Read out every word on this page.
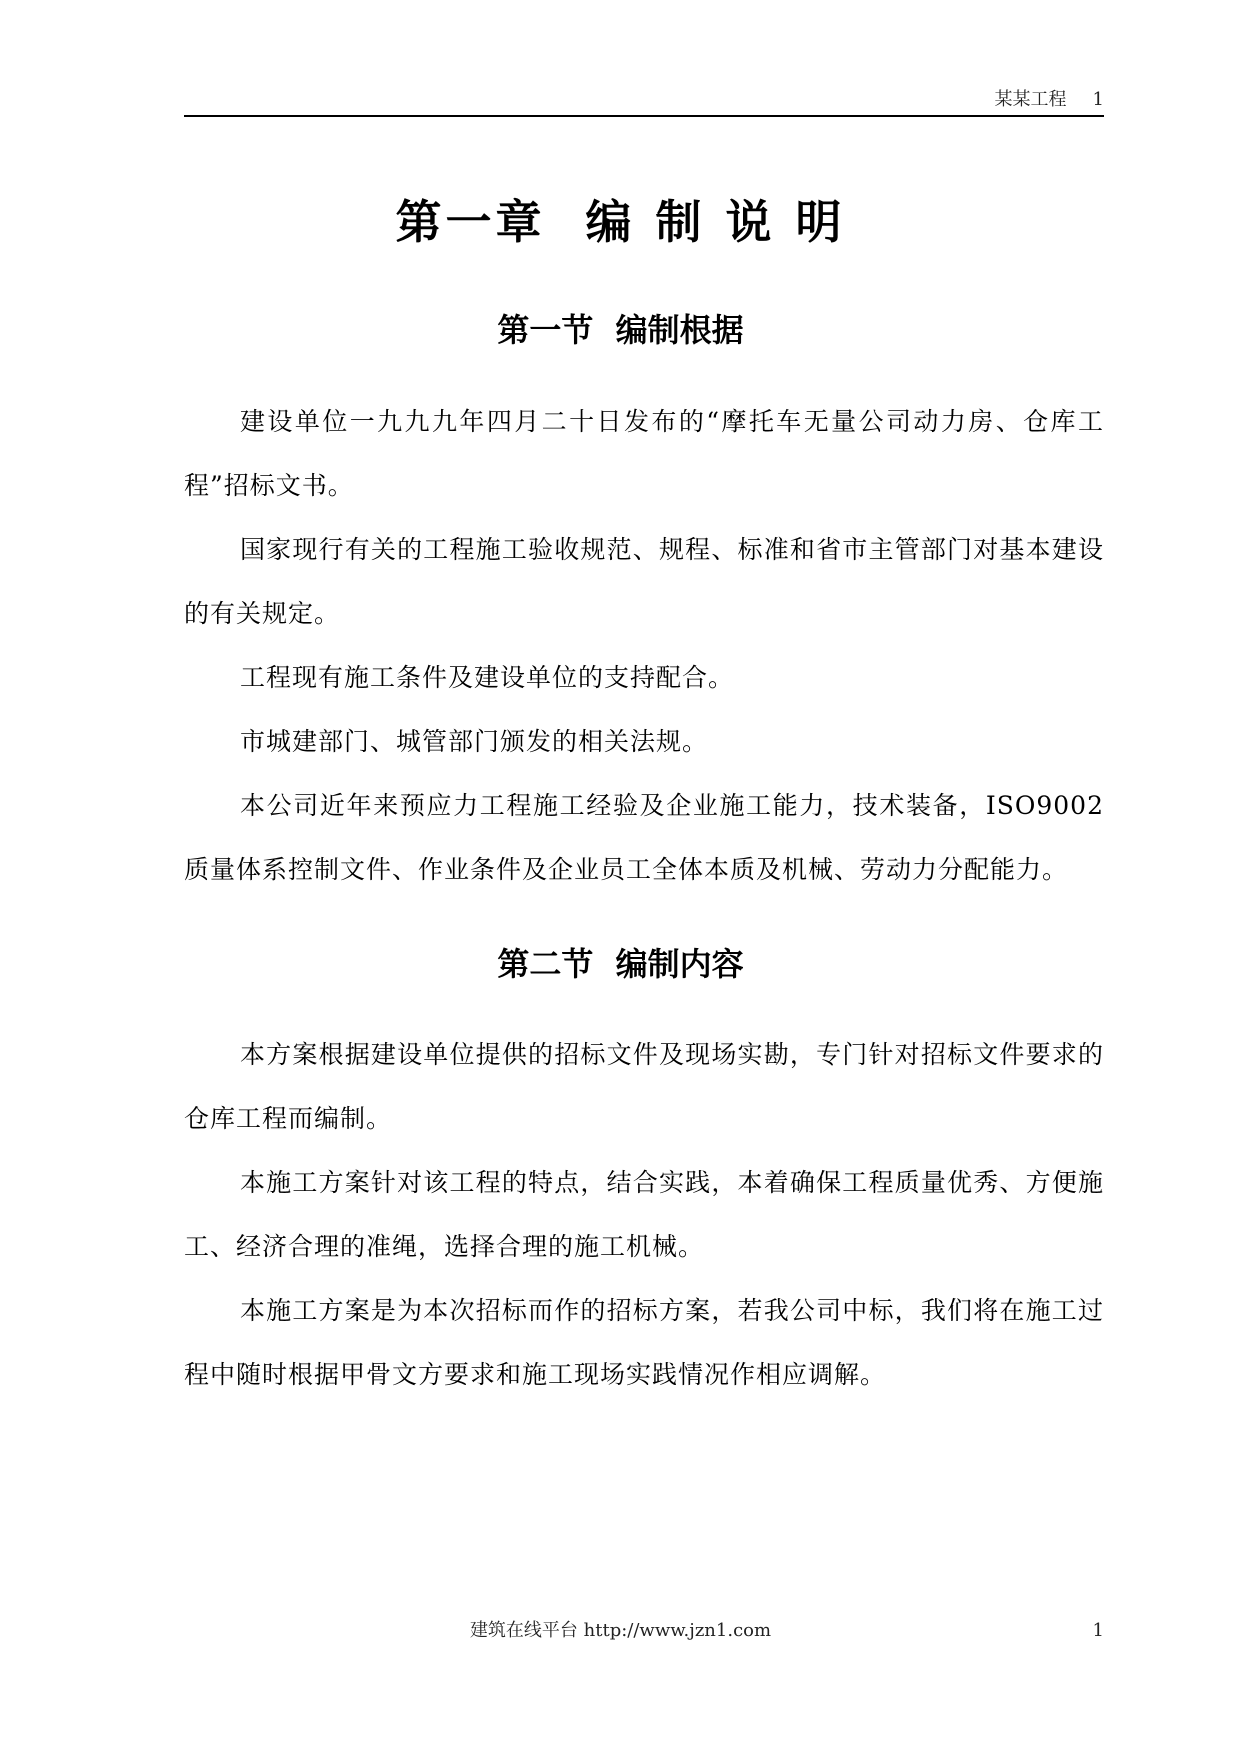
某某工程 1
第一章  编 制 说 明
第一节  编制根据

建设单位一九九九年四月二十日发布的“摩托车无量公司动力房、仓库工程”招标文书。

国家现行有关的工程施工验收规范、规程、标准和省市主管部门对基本建设的有关规定。

工程现有施工条件及建设单位的支持配合。

市城建部门、城管部门颁发的相关法规。

本公司近年来预应力工程施工经验及企业施工能力，技术装备，ISO9002质量体系控制文件、作业条件及企业员工全体本质及机械、劳动力分配能力。

第二节  编制内容

本方案根据建设单位提供的招标文件及现场实勘，专门针对招标文件要求的仓库工程而编制。

本施工方案针对该工程的特点，结合实践，本着确保工程质量优秀、方便施工、经济合理的准绳，选择合理的施工机械。

本施工方案是为本次招标而作的招标方案，若我公司中标，我们将在施工过程中随时根据甲骨文方要求和施工现场实践情况作相应调解。

建筑在线平台 http://www.jzn1.com	1
